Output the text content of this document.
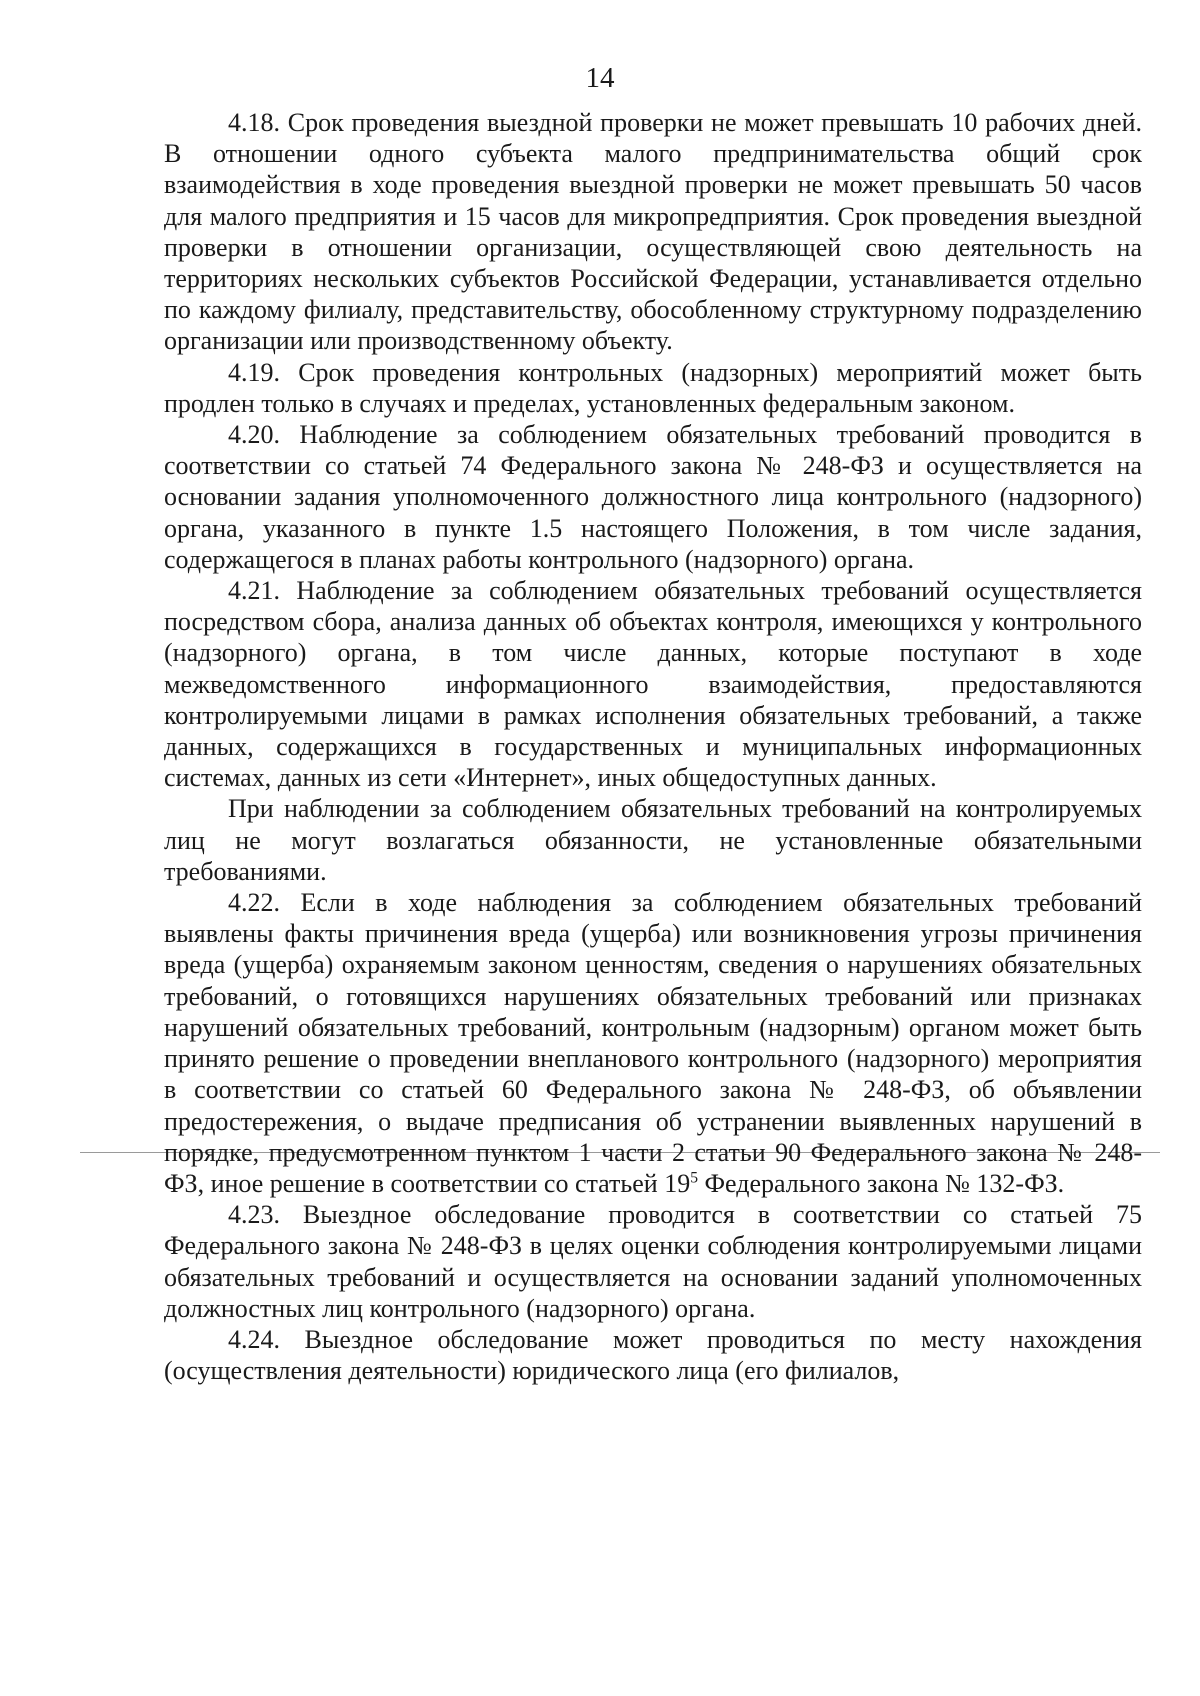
14

4.18. Срок проведения выездной проверки не может превышать 10 рабочих дней. В отношении одного субъекта малого предпринимательства общий срок взаимодействия в ходе проведения выездной проверки не может превышать 50 часов для малого предприятия и 15 часов для микропредприятия. Срок проведения выездной проверки в отношении организации, осуществляющей свою деятельность на территориях нескольких субъектов Российской Федерации, устанавливается отдельно по каждому филиалу, представительству, обособленному структурному подразделению организации или производственному объекту.

4.19. Срок проведения контрольных (надзорных) мероприятий может быть продлен только в случаях и пределах, установленных федеральным законом.

4.20. Наблюдение за соблюдением обязательных требований проводится в соответствии со статьей 74 Федерального закона № 248-ФЗ и осуществляется на основании задания уполномоченного должностного лица контрольного (надзорного) органа, указанного в пункте 1.5 настоящего Положения, в том числе задания, содержащегося в планах работы контрольного (надзорного) органа.

4.21. Наблюдение за соблюдением обязательных требований осуществляется посредством сбора, анализа данных об объектах контроля, имеющихся у контрольного (надзорного) органа, в том числе данных, которые поступают в ходе межведомственного информационного взаимодействия, предоставляются контролируемыми лицами в рамках исполнения обязательных требований, а также данных, содержащихся в государственных и муниципальных информационных системах, данных из сети «Интернет», иных общедоступных данных.

При наблюдении за соблюдением обязательных требований на контролируемых лиц не могут возлагаться обязанности, не установленные обязательными требованиями.

4.22. Если в ходе наблюдения за соблюдением обязательных требований выявлены факты причинения вреда (ущерба) или возникновения угрозы причинения вреда (ущерба) охраняемым законом ценностям, сведения о нарушениях обязательных требований, о готовящихся нарушениях обязательных требований или признаках нарушений обязательных требований, контрольным (надзорным) органом может быть принято решение о проведении внепланового контрольного (надзорного) мероприятия в соответствии со статьей 60 Федерального закона № 248-ФЗ, об объявлении предостережения, о выдаче предписания об устранении выявленных нарушений в порядке, предусмотренном пунктом 1 части 2 статьи 90 Федерального закона № 248-ФЗ, иное решение в соответствии со статьей $19^5$ Федерального закона № 132-ФЗ.

4.23. Выездное обследование проводится в соответствии со статьей 75 Федерального закона № 248-ФЗ в целях оценки соблюдения контролируемыми лицами обязательных требований и осуществляется на основании заданий уполномоченных должностных лиц контрольного (надзорного) органа.

4.24. Выездное обследование может проводиться по месту нахождения (осуществления деятельности) юридического лица (его филиалов,
